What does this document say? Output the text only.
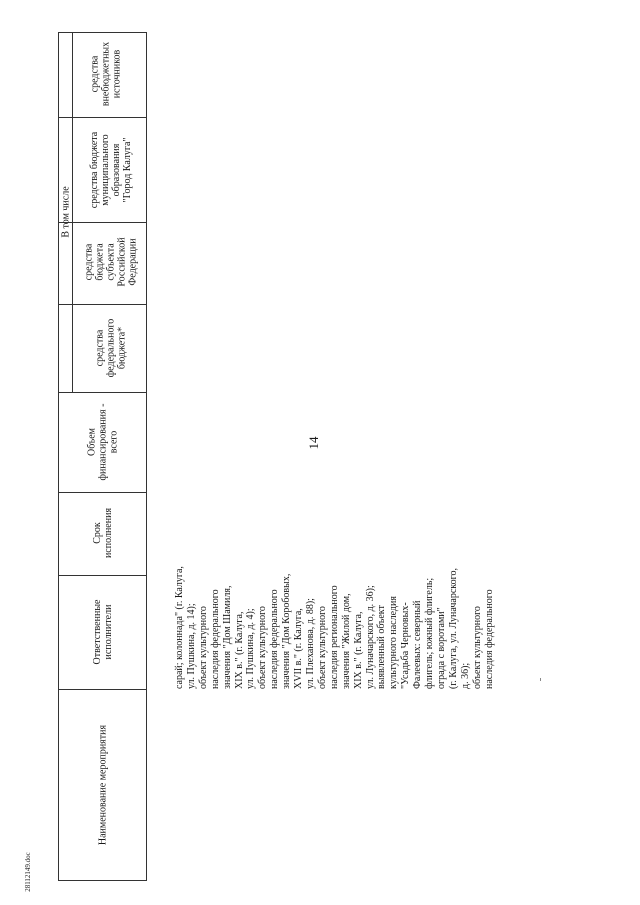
14
средства
внебюджетных
источников
средства бюджета
муниципального
образования
"Город Калуга"
средства
бюджета
субъекта
Российской
Федерации
средства
федерального
бюджета*
В том числе
Объем
финансирования -
всего
Срок
исполнения
Ответственные
исполнители
Наименование мероприятия
сарай; колоннада" (г. Калуга, ул. Пушкина, д. 14); объект культурного наследия федерального значения "Дом Шамиля, XIX в." (г. Калуга, ул. Пушкина, д. 4); объект культурного наследия федерального значения "Дом Коробовых, XVII в." (г. Калуга, ул. Плеханова, д. 88); объект культурного наследия регионального значения "Жилой дом, XIX в." (г. Калуга, ул. Луначарского, д. 36); выявленный объект культурного наследия "Усадьба Черновых- Фалеевых: северный флигель; южный флигель; ограда с воротами" (г. Калуга, ул. Луначарского, д. 36); объект культурного наследия федерального
28112149.doc
